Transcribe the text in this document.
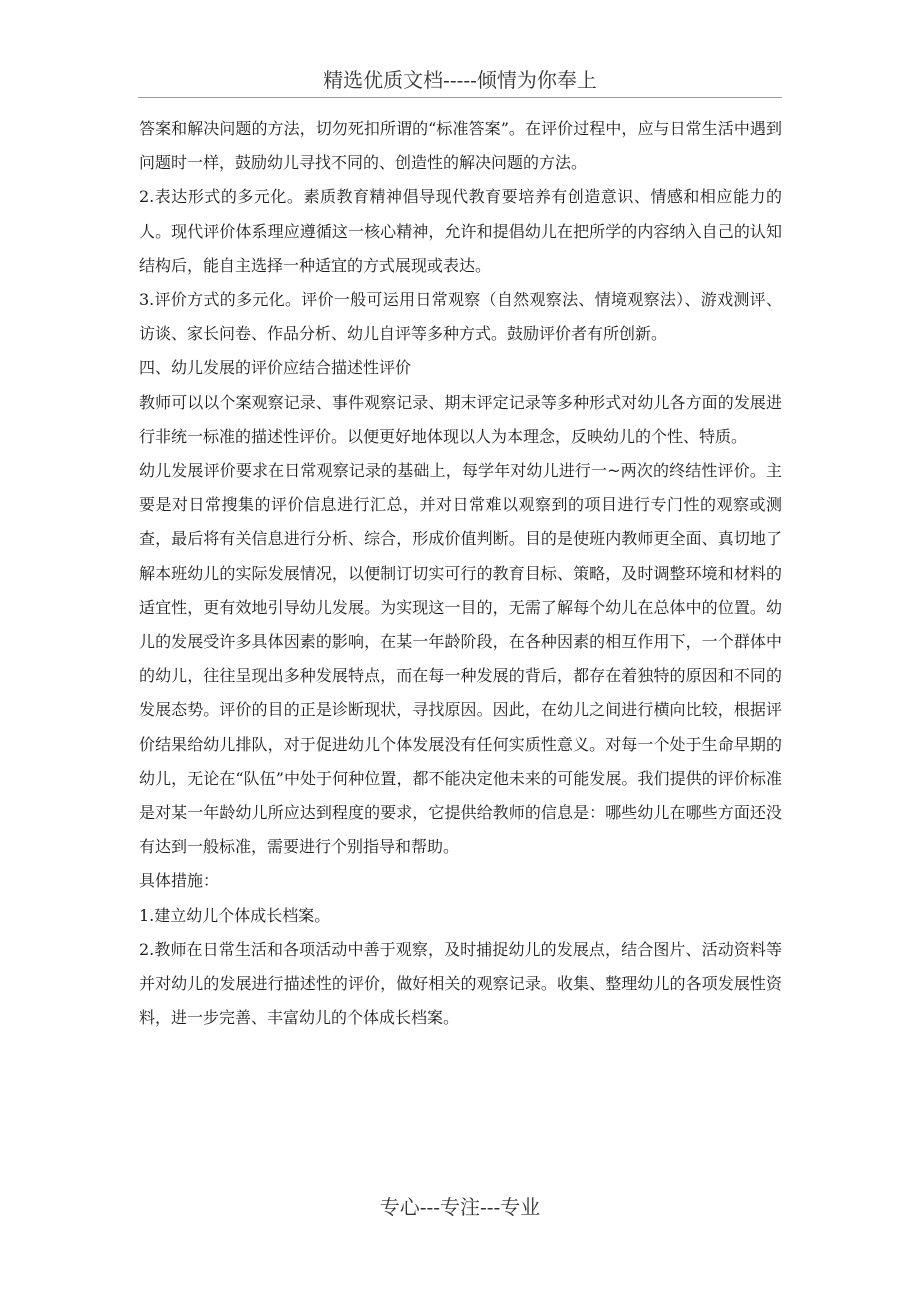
精选优质文档-----倾情为你奉上

答案和解决问题的方法，切勿死扣所谓的“标准答案”。在评价过程中，应与日常生活中遇到问题时一样，鼓励幼儿寻找不同的、创造性的解决问题的方法。

2.表达形式的多元化。素质教育精神倡导现代教育要培养有创造意识、情感和相应能力的人。现代评价体系理应遵循这一核心精神，允许和提倡幼儿在把所学的内容纳入自己的认知结构后，能自主选择一种适宜的方式展现或表达。

3.评价方式的多元化。评价一般可运用日常观察（自然观察法、情境观察法）、游戏测评、访谈、家长问卷、作品分析、幼儿自评等多种方式。鼓励评价者有所创新。

四、幼儿发展的评价应结合描述性评价

教师可以以个案观察记录、事件观察记录、期末评定记录等多种形式对幼儿各方面的发展进行非统一标准的描述性评价。以便更好地体现以人为本理念，反映幼儿的个性、特质。

幼儿发展评价要求在日常观察记录的基础上，每学年对幼儿进行一~两次的终结性评价。主要是对日常搜集的评价信息进行汇总，并对日常难以观察到的项目进行专门性的观察或测查，最后将有关信息进行分析、综合，形成价值判断。目的是使班内教师更全面、真切地了解本班幼儿的实际发展情况，以便制订切实可行的教育目标、策略，及时调整环境和材料的适宜性，更有效地引导幼儿发展。为实现这一目的，无需了解每个幼儿在总体中的位置。幼儿的发展受许多具体因素的影响，在某一年龄阶段，在各种因素的相互作用下，一个群体中的幼儿，往往呈现出多种发展特点，而在每一种发展的背后，都存在着独特的原因和不同的发展态势。评价的目的正是诊断现状，寻找原因。因此，在幼儿之间进行横向比较，根据评价结果给幼儿排队，对于促进幼儿个体发展没有任何实质性意义。对每一个处于生命早期的幼儿，无论在“队伍”中处于何种位置，都不能决定他未来的可能发展。我们提供的评价标准是对某一年龄幼儿所应达到程度的要求，它提供给教师的信息是：哪些幼儿在哪些方面还没有达到一般标准，需要进行个别指导和帮助。

具体措施：

1.建立幼儿个体成长档案。

2.教师在日常生活和各项活动中善于观察，及时捕捉幼儿的发展点，结合图片、活动资料等并对幼儿的发展进行描述性的评价，做好相关的观察记录。收集、整理幼儿的各项发展性资料，进一步完善、丰富幼儿的个体成长档案。

专心---专注---专业
